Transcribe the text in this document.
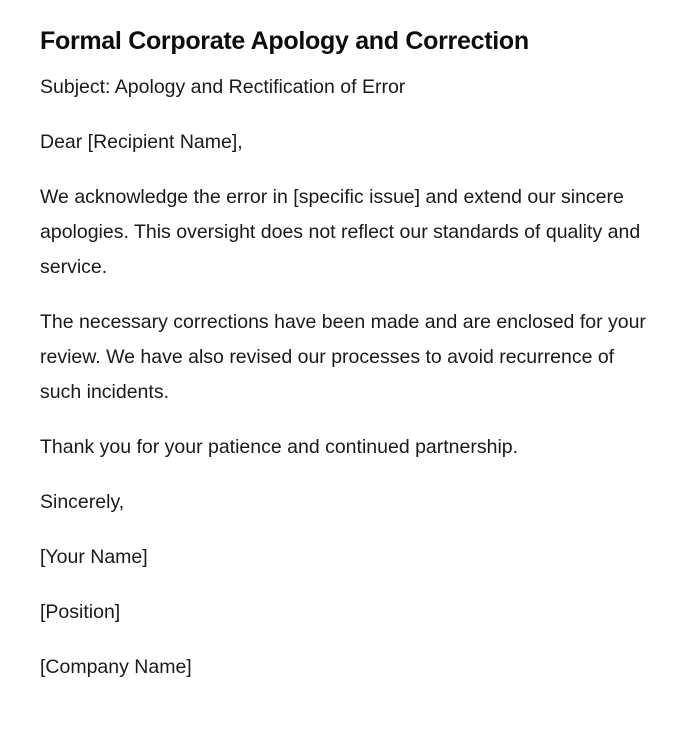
Formal Corporate Apology and Correction

Subject: Apology and Rectification of Error

Dear [Recipient Name],

We acknowledge the error in [specific issue] and extend our sincere apologies. This oversight does not reflect our standards of quality and service.

The necessary corrections have been made and are enclosed for your review. We have also revised our processes to avoid recurrence of such incidents.

Thank you for your patience and continued partnership.

Sincerely,

[Your Name]

[Position]

[Company Name]
